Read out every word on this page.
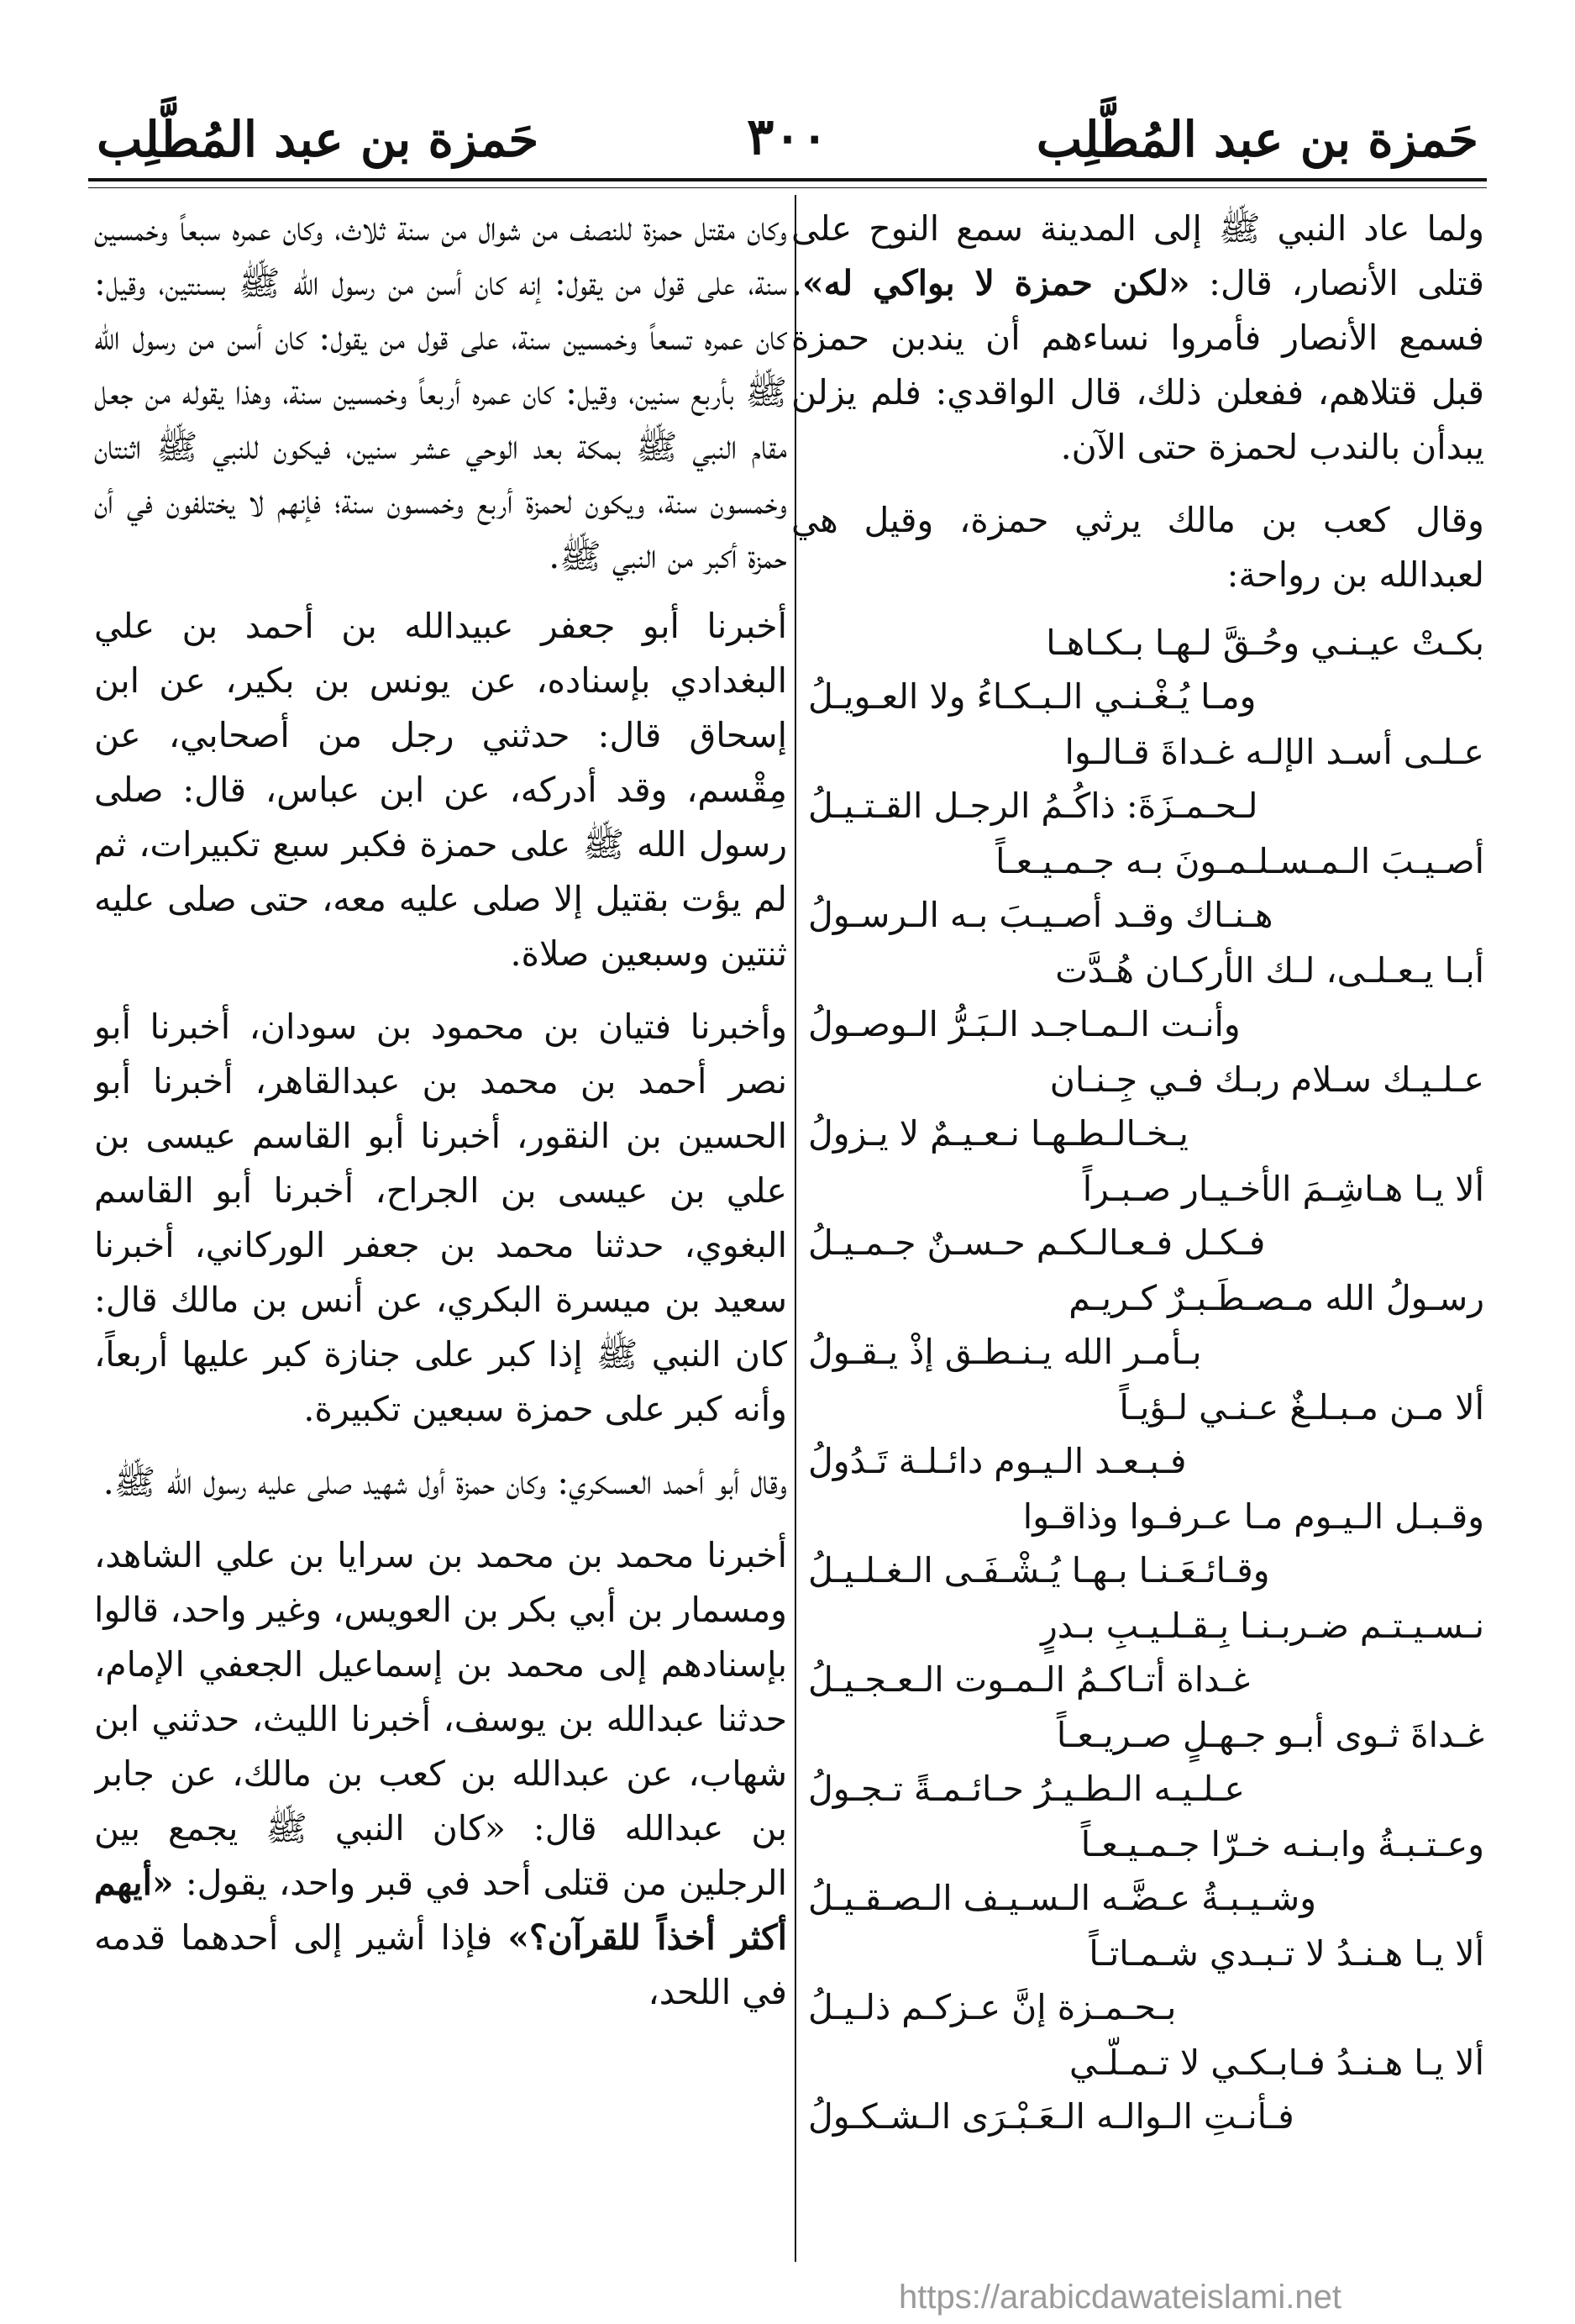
حَمزة بن عبد المُطَّلِب
٣٠٠
حَمزة بن عبد المُطَّلِب

ولما عاد النبي ﷺ إلى المدينة سمع النوح على قتلى الأنصار، قال: «لكن حمزة لا بواكي له». فسمع الأنصار فأمروا نساءهم أن يندبن حمزة قبل قتلاهم، ففعلن ذلك، قال الواقدي: فلم يزلن يبدأن بالندب لحمزة حتى الآن.

وقال كعب بن مالك يرثي حمزة، وقيل هي لعبدالله بن رواحة:

بكـتْ عيـنـي وحُـقَّ لـهـا بـكـاهـا
ومـا يُـغْـنـي الـبـكـاءُ ولا العـويـلُ
عـلـى أسـد الإلـه غـداةَ قـالـوا
لـحـمـزَةَ: ذاكُـمُ الرجـل القـتـيـلُ
أصـيـبَ الـمـسـلـمـونَ بـه جـمـيـعـاً
هـنـاك وقـد أصـيـبَ بـه الـرسـولُ
أبـا يـعـلـى، لـك الأركـان هُـدَّت
وأنـت الـمـاجـد الـبَـرُّ الـوصـولُ
عـلـيـك سـلام ربـك فـي جِـنـان
يـخـالـطـهـا نـعـيـمٌ لا يـزولُ
ألا يـا هـاشِـمَ الأخـيـار صـبـراً
فـكـل فـعـالـكـم حـسـنٌ جـمـيـلُ
رسـولُ الله مـصـطَـبـرٌ كـريـم
بـأمـر الله يـنـطـق إذْ يـقـولُ
ألا مـن مـبـلـغٌ عـنـي لـؤيـاً
فـبـعـد الـيـوم دائـلـة تَـدُولُ
وقـبـل الـيـوم مـا عـرفـوا وذاقـوا
وقـائـعَـنـا بـهـا يُـشْـفَـى الـغـلـيـلُ
نـسـيـتـم ضـربـنـا بِـقـلـيـبِ بـدرٍ
غـداة أتـاكـمُ الـمـوت الـعـجـيـلُ
غـداةَ ثـوى أبـو جـهـلٍ صـريـعـاً
عـلـيـه الـطـيـرُ حـائـمـةً تـجـولُ
وعـتـبـةُ وابـنـه خـرّا جـمـيـعـاً
وشـيـبـةُ عـضَّـه الـسـيـف الـصـقـيـلُ
ألا يـا هـنـدُ لا تـبـدي شـمـاتـاً
بـحـمـزة إنَّ عـزكـم ذلـيـلُ
ألا يـا هـنـدُ فـابـكـي لا تـمـلّـي
فـأنـتِ الـوالـه الـعَـبْـرَى الـشـكـولُ

وكان مقتل حمزة للنصف من شوال من سنة ثلاث، وكان عمره سبعاً وخمسين سنة، على قول من يقول: إنه كان أسن من رسول الله ﷺ بسنتين، وقيل: كان عمره تسعاً وخمسين سنة، على قول من يقول: كان أسن من رسول الله ﷺ بأربع سنين، وقيل: كان عمره أربعاً وخمسين سنة، وهذا يقوله من جعل مقام النبي ﷺ بمكة بعد الوحي عشر سنين، فيكون للنبي ﷺ اثنتان وخمسون سنة، ويكون لحمزة أربع وخمسون سنة؛ فإنهم لا يختلفون في أن حمزة أكبر من النبي ﷺ.

أخبرنا أبو جعفر عبيدالله بن أحمد بن علي البغدادي بإسناده، عن يونس بن بكير، عن ابن إسحاق قال: حدثني رجل من أصحابي، عن مِقْسم، وقد أدركه، عن ابن عباس، قال: صلى رسول الله ﷺ على حمزة فكبر سبع تكبيرات، ثم لم يؤت بقتيل إلا صلى عليه معه، حتى صلى عليه ثنتين وسبعين صلاة.

وأخبرنا فتيان بن محمود بن سودان، أخبرنا أبو نصر أحمد بن محمد بن عبدالقاهر، أخبرنا أبو الحسين بن النقور، أخبرنا أبو القاسم عيسى بن علي بن عيسى بن الجراح، أخبرنا أبو القاسم البغوي، حدثنا محمد بن جعفر الوركاني، أخبرنا سعيد بن ميسرة البكري، عن أنس بن مالك قال: كان النبي ﷺ إذا كبر على جنازة كبر عليها أربعاً، وأنه كبر على حمزة سبعين تكبيرة.

وقال أبو أحمد العسكري: وكان حمزة أول شهيد صلى عليه رسول الله ﷺ.

أخبرنا محمد بن محمد بن سرايا بن علي الشاهد، ومسمار بن أبي بكر بن العويس، وغير واحد، قالوا بإسنادهم إلى محمد بن إسماعيل الجعفي الإمام، حدثنا عبدالله بن يوسف، أخبرنا الليث، حدثني ابن شهاب، عن عبدالله بن كعب بن مالك، عن جابر بن عبدالله قال: «كان النبي ﷺ يجمع بين الرجلين من قتلى أحد في قبر واحد، يقول: «أيهم أكثر أخذاً للقرآن؟» فإذا أشير إلى أحدهما قدمه في اللحد،

https://arabicdawateislami.net
